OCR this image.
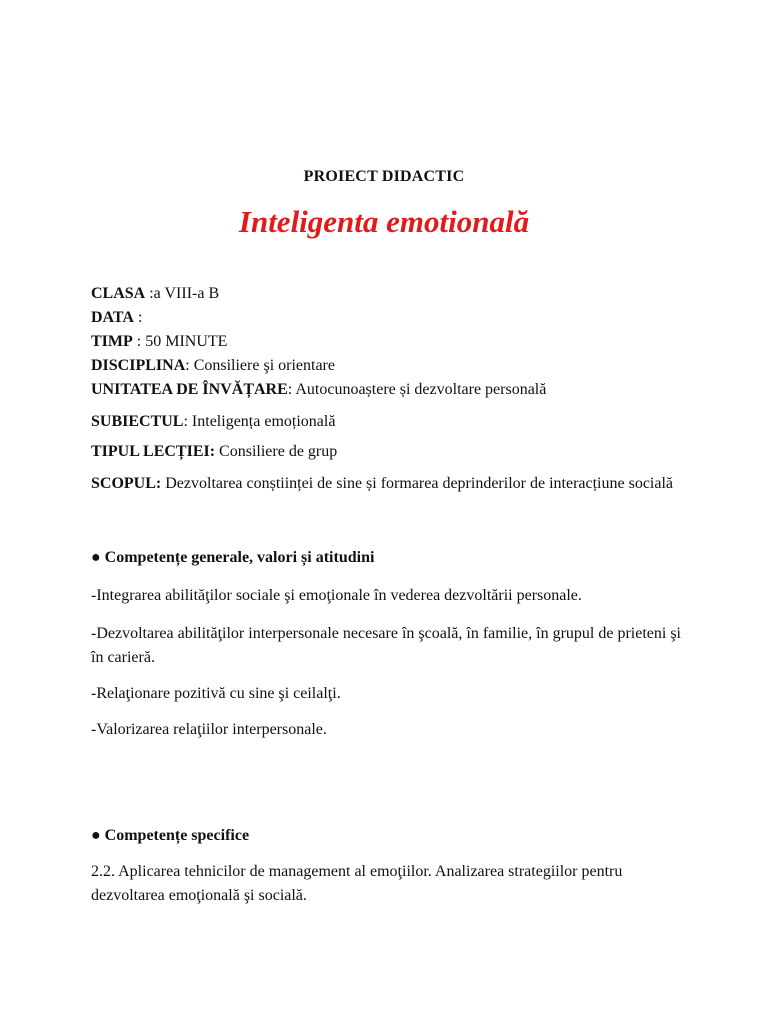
PROIECT DIDACTIC
Inteligenta emotională
CLASA :a VIII-a B
DATA :
TIMP : 50 MINUTE
DISCIPLINA: Consiliere şi orientare
UNITATEA DE ÎNVĂȚARE: Autocunoaștere și dezvoltare personală
SUBIECTUL: Inteligența emoțională
TIPUL LECȚIEI: Consiliere de grup
SCOPUL: Dezvoltarea conștiinței de sine și formarea deprinderilor de interacțiune socială
● Competențe generale, valori și atitudini
-Integrarea abilităţilor sociale şi emoţionale în vederea dezvoltării personale.
-Dezvoltarea abilităţilor interpersonale necesare în şcoală, în familie, în grupul de prieteni şi în carieră.
-Relaţionare pozitivă cu sine şi ceilalţi.
-Valorizarea relaţiilor interpersonale.
● Competențe specifice
2.2. Aplicarea tehnicilor de management al emoţiilor. Analizarea strategiilor pentru dezvoltarea emoţională şi socială.
